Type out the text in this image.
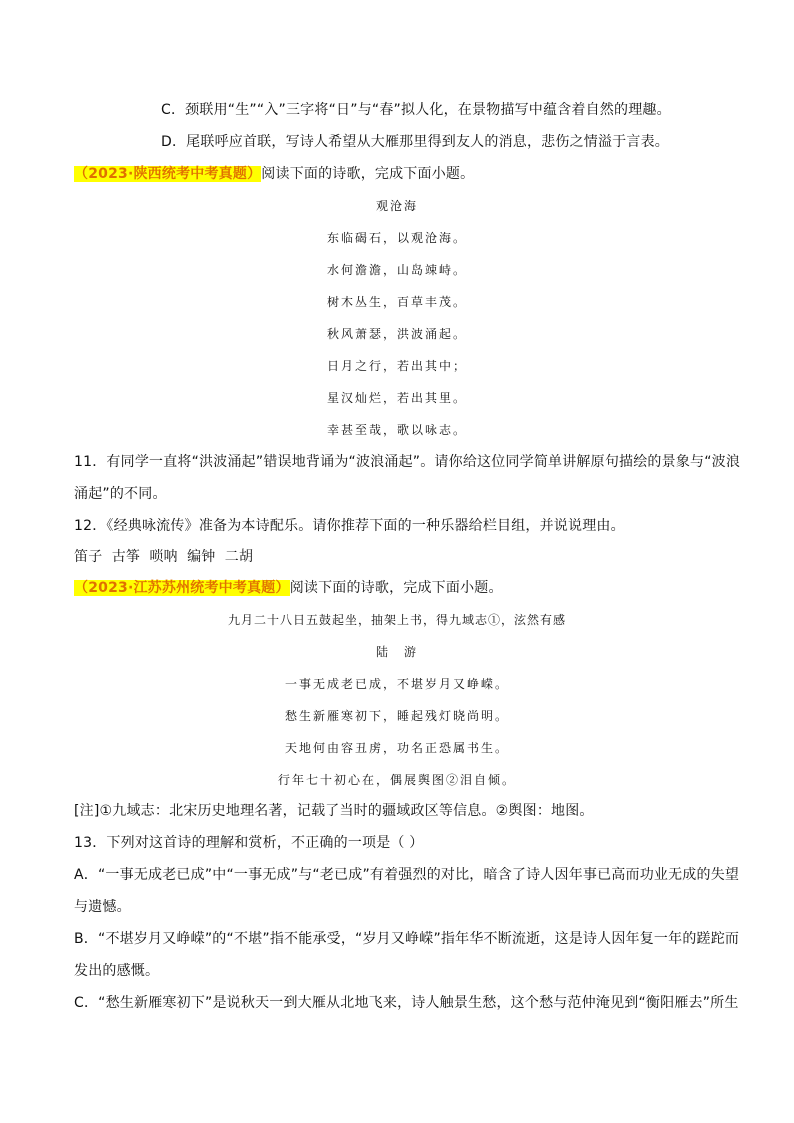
C．颈联用“生”“入”三字将“日”与“春”拟人化，在景物描写中蕴含着自然的理趣。
D．尾联呼应首联，写诗人希望从大雁那里得到友人的消息，悲伤之情溢于言表。
（2023·陕西统考中考真题）阅读下面的诗歌，完成下面小题。
观沧海
东临碣石，以观沧海。
水何澹澹，山岛竦峙。
树木丛生，百草丰茂。
秋风萧瑟，洪波涌起。
日月之行，若出其中；
星汉灿烂，若出其里。
幸甚至哉，歌以咏志。
11．有同学一直将“洪波涌起”错误地背诵为“波浪涌起”。请你给这位同学简单讲解原句描绘的景象与“波浪
涌起”的不同。
12．《经典咏流传》准备为本诗配乐。请你推荐下面的一种乐器给栏目组，并说说理由。
笛子  古筝  唢呐  编钟  二胡
（2023·江苏苏州统考中考真题）阅读下面的诗歌，完成下面小题。
九月二十八日五鼓起坐，抽架上书，得九域志①，泫然有感
陆　游
一事无成老已成，不堪岁月又峥嵘。
愁生新雁寒初下，睡起残灯晓尚明。
天地何由容丑虏，功名正恐属书生。
行年七十初心在，偶展舆图②泪自倾。
[注]①九域志：北宋历史地理名著，记载了当时的疆域政区等信息。②舆图：地图。
13．下列对这首诗的理解和赏析，不正确的一项是（ ）
A．“一事无成老已成”中“一事无成”与“老已成”有着强烈的对比，暗含了诗人因年事已高而功业无成的失望
与遗憾。
B．“不堪岁月又峥嵘”的“不堪”指不能承受，“岁月又峥嵘”指年华不断流逝，这是诗人因年复一年的蹉跎而
发出的感慨。
C．“愁生新雁寒初下”是说秋天一到大雁从北地飞来，诗人触景生愁，这个愁与范仲淹见到“衡阳雁去”所生
